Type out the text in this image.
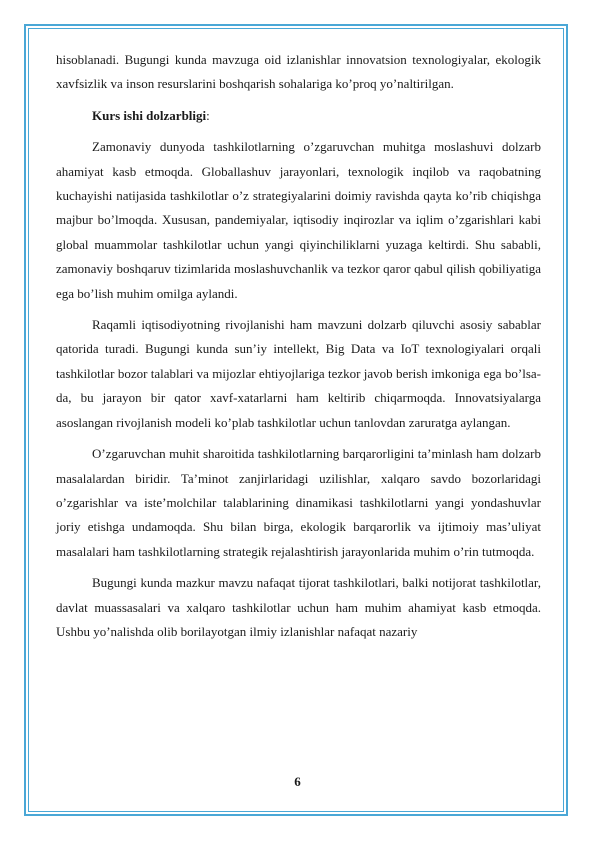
hisoblanadi. Bugungi kunda mavzuga oid izlanishlar innovatsion texnologiyalar, ekologik xavfsizlik va inson resurslarini boshqarish sohalariga ko’proq yo’naltirilgan.

Kurs ishi dolzarbligi:

Zamonaviy dunyoda tashkilotlarning o’zgaruvchan muhitga moslashuvi dolzarb ahamiyat kasb etmoqda. Globallashuv jarayonlari, texnologik inqilob va raqobatning kuchayishi natijasida tashkilotlar o’z strategiyalarini doimiy ravishda qayta ko’rib chiqishga majbur bo’lmoqda. Xususan, pandemiyalar, iqtisodiy inqirozlar va iqlim o’zgarishlari kabi global muammolar tashkilotlar uchun yangi qiyinchiliklarni yuzaga keltirdi. Shu sababli, zamonaviy boshqaruv tizimlarida moslashuvchanlik va tezkor qaror qabul qilish qobiliyatiga ega bo’lish muhim omilga aylandi.

Raqamli iqtisodiyotning rivojlanishi ham mavzuni dolzarb qiluvchi asosiy sabablar qatorida turadi. Bugungi kunda sun’iy intellekt, Big Data va IoT texnologiyalari orqali tashkilotlar bozor talablari va mijozlar ehtiyojlariga tezkor javob berish imkoniga ega bo’lsa-da, bu jarayon bir qator xavf-xatarlarni ham keltirib chiqarmoqda. Innovatsiyalarga asoslangan rivojlanish modeli ko’plab tashkilotlar uchun tanlovdan zaruratga aylangan.

O’zgaruvchan muhit sharoitida tashkilotlarning barqarorligini ta’minlash ham dolzarb masalalardan biridir. Ta’minot zanjirlaridagi uzilishlar, xalqaro savdo bozorlaridagi o’zgarishlar va iste’molchilar talablarining dinamikasi tashkilotlarni yangi yondashuvlar joriy etishga undamoqda. Shu bilan birga, ekologik barqarorlik va ijtimoiy mas’uliyat masalalari ham tashkilotlarning strategik rejalashtirish jarayonlarida muhim o’rin tutmoqda.

Bugungi kunda mazkur mavzu nafaqat tijorat tashkilotlari, balki notijorat tashkilotlar, davlat muassasalari va xalqaro tashkilotlar uchun ham muhim ahamiyat kasb etmoqda. Ushbu yo’nalishda olib borilayotgan ilmiy izlanishlar nafaqat nazariy

6
